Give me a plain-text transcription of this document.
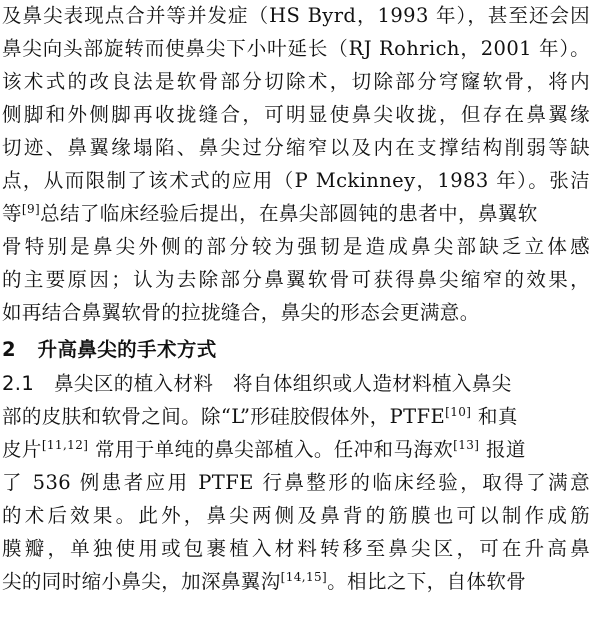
及鼻尖表现点合并等并发症（HS Byrd，1993 年），甚至还会因
鼻尖向头部旋转而使鼻尖下小叶延长（RJ Rohrich，2001 年）。
该术式的改良法是软骨部分切除术，切除部分穹窿软骨，将内
侧脚和外侧脚再收拢缝合，可明显使鼻尖收拢，但存在鼻翼缘
切迹、鼻翼缘塌陷、鼻尖过分缩窄以及内在支撑结构削弱等缺
点，从而限制了该术式的应用（P Mckinney，1983 年）。张洁
等[9]总结了临床经验后提出，在鼻尖部圆钝的患者中，鼻翼软
骨特别是鼻尖外侧的部分较为强韧是造成鼻尖部缺乏立体感
的主要原因；认为去除部分鼻翼软骨可获得鼻尖缩窄的效果，
如再结合鼻翼软骨的拉拢缝合，鼻尖的形态会更满意。
2 升高鼻尖的手术方式
2.1 鼻尖区的植入材料 将自体组织或人造材料植入鼻尖
部的皮肤和软骨之间。除“L”形硅胶假体外，PTFE[10] 和真
皮片[11,12] 常用于单纯的鼻尖部植入。任冲和马海欢[13] 报道
了 536 例患者应用 PTFE 行鼻整形的临床经验，取得了满意
的术后效果。此外，鼻尖两侧及鼻背的筋膜也可以制作成筋
膜瓣，单独使用或包裹植入材料转移至鼻尖区，可在升高鼻
尖的同时缩小鼻尖，加深鼻翼沟[14,15]。相比之下，自体软骨
